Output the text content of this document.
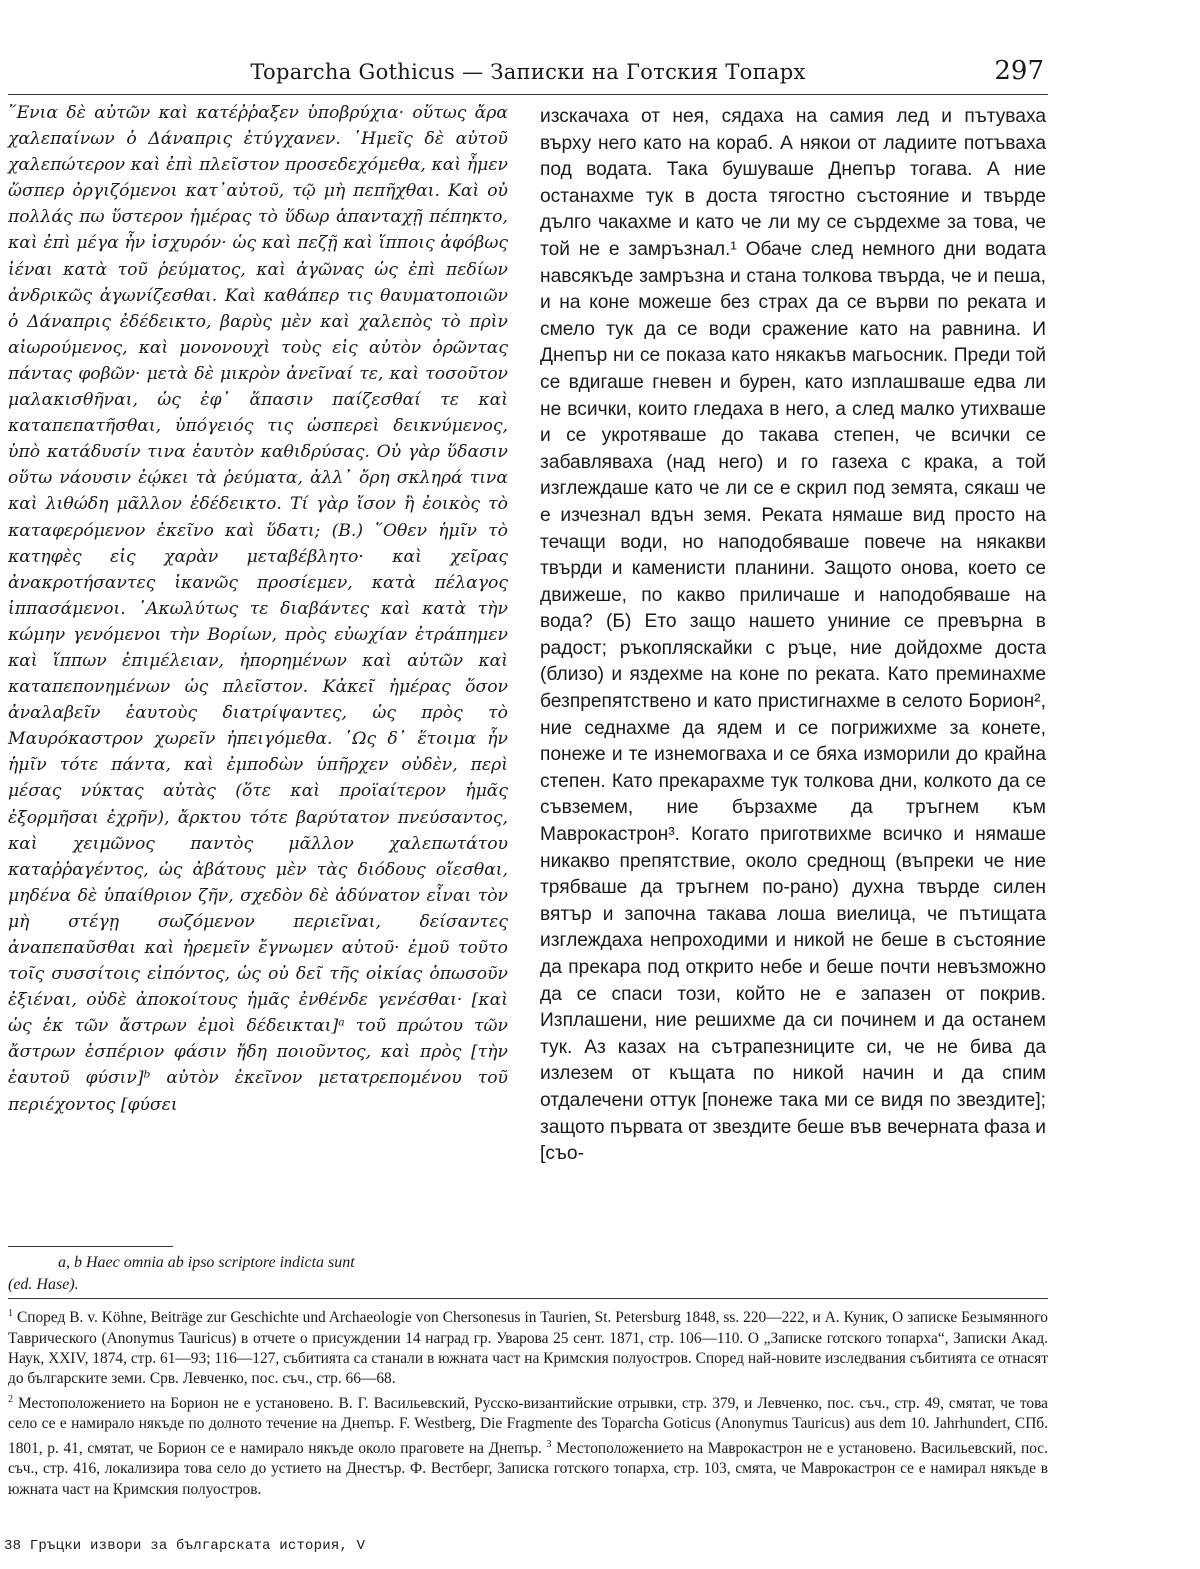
Toparcha Gothicus — Записки на Готския Топарх	297

῞Ενια δὲ αὐτῶν καὶ κατέῤῥαξεν ὑποβρύχια· οὕτως ἄρα χαλεπαίνων ὁ Δάναπρις ἐτύγχανεν. ῾Ημεῖς δὲ αὐτοῦ χαλεπώτερον καὶ ἐπὶ πλεῖστον προσεδεχόμεθα, καὶ ἦμεν ὥσπερ ὀργιζόμενοι κατ᾿αὐτοῦ, τῷ μὴ πεπῆχθαι. Καὶ οὐ πολλάς πω ὕστερον ἡμέρας τὸ ὕδωρ ἁπανταχῇ πέπηκτο, καὶ ἐπὶ μέγα ἦν ἰσχυρόν· ὡς καὶ πεζῇ καὶ ἵπποις ἀφόβως ἰέναι κατὰ τοῦ ῥεύματος, καὶ ἀγῶνας ὡς ἐπὶ πεδίων ἀνδρικῶς ἀγωνίζεσθαι. Καὶ καθάπερ τις θαυματοποιῶν ὁ Δάναπρις ἐδέδεικτο, βαρὺς μὲν καὶ χαλεπὸς τὸ πρὶν αἰωρούμενος, καὶ μονονουχὶ τοὺς εἰς αὐτὸν ὁρῶντας πάντας φοβῶν· μετὰ δὲ μικρὸν ἀνεῖναί τε, καὶ τοσοῦτον μαλακισθῆναι, ὡς ἐφ᾿ ἅπασιν παίζεσθαί τε καὶ καταπεπατῆσθαι, ὑπόγειός τις ὡσπερεὶ δεικνύμενος, ὑπὸ κατάδυσίν τινα ἑαυτὸν καθιδρύσας. Οὐ γὰρ ὕδασιν οὕτω νάουσιν ἐῴκει τὰ ῥεύματα, ἀλλ᾿ ὄρη σκληρά τινα καὶ λιθώδη μᾶλλον ἐδέδεικτο. Τί γὰρ ἴσον ἢ ἐοικὸς τὸ καταφερόμενον ἐκεῖνο καὶ ὕδατι; (B.) ῞Οθεν ἡμῖν τὸ κατηφὲς εἰς χαρὰν μεταβέβλητο· καὶ χεῖρας ἀνακροτήσαντες ἱκανῶς προσίεμεν, κατὰ πέλαγος ἱππασάμενοι. ᾿Ακωλύτως τε διαβάντες καὶ κατὰ τὴν κώμην γενόμενοι τὴν Βορίων, πρὸς εὐωχίαν ἐτράπημεν καὶ ἵππων ἐπιμέλειαν, ἠπορημένων καὶ αὐτῶν καὶ καταπεπονημένων ὡς πλεῖστον. Κἀκεῖ ἡμέρας ὅσον ἀναλαβεῖν ἑαυτοὺς διατρίψαντες, ὡς πρὸς τὸ Μαυρόκαστρον χωρεῖν ἠπειγόμεθα. ῾Ως δ᾿ ἕτοιμα ἦν ἡμῖν τότε πάντα, καὶ ἐμποδὼν ὑπῆρχεν οὐδὲν, περὶ μέσας νύκτας αὐτὰς (ὅτε καὶ προϊαίτερον ἡμᾶς ἐξορμῆσαι ἐχρῆν), ἄρκτου τότε βαρύτατον πνεύσαντος, καὶ χειμῶνος παντὸς μᾶλλον χαλεπωτάτου καταῤῥαγέντος, ὡς ἀβάτους μὲν τὰς διόδους οἴεσθαι, μηδένα δὲ ὑπαίθριον ζῆν, σχεδὸν δὲ ἀδύνατον εἶναι τὸν μὴ στέγῃ σωζόμενον περιεῖναι, δείσαντες ἀναπεπαῦσθαι καὶ ἠρεμεῖν ἔγνωμεν αὐτοῦ· ἐμοῦ τοῦτο τοῖς συσσίτοις εἰπόντος, ὡς οὐ δεῖ τῆς οἰκίας ὁπωσοῦν ἐξιέναι, οὐδὲ ἀποκοίτους ἡμᾶς ἐνθένδε γενέσθαι· [καὶ ὡς ἐκ τῶν ἄστρων ἐμοὶ δέδεικται]ᵃ τοῦ πρώτου τῶν ἄστρων ἑσπέριον φάσιν ἤδη ποιοῦντος, καὶ πρὸς [τὴν ἑαυτοῦ φύσιν]ᵇ αὐτὸν ἐκεῖνον μετατρεπομένου τοῦ περιέχοντος [φύσει

изскачаха от нея, сядаха на самия лед и пътуваха върху него като на кораб. А някои от ладиите потъваха под водата. Така бушуваше Днепър тогава. А ние останахме тук в доста тягостно състояние и твърде дълго чакахме и като че ли му се сърдехме за това, че той не е замръзнал.¹ Обаче след немного дни водата навсякъде замръзна и стана толкова твърда, че и пеша, и на коне можеше без страх да се върви по реката и смело тук да се води сражение като на равнина. И Днепър ни се показа като някакъв магьосник. Преди той се вдигаше гневен и бурен, като изплашваше едва ли не всички, които гледаха в него, а след малко утихваше и се укротяваше до такава степен, че всички се забавляваха (над него) и го газеха с крака, а той изглеждаше като че ли се е скрил под земята, сякаш че е изчезнал вдън земя. Реката нямаше вид просто на течащи води, но наподобяваше повече на някакви твърди и каменисти планини. Защото онова, което се движеше, по какво приличаше и наподобяваше на вода? (Б) Ето защо нашето униние се превърна в радост; ръкопляскайки с ръце, ние дойдохме доста (близо) и яздехме на коне по реката. Като преминахме безпрепятствено и като пристигнахме в селото Борион², ние седнахме да ядем и се погрижихме за конете, понеже и те изнемогваха и се бяха изморили до крайна степен. Като прекарахме тук толкова дни, колкото да се съвземем, ние бързахме да тръгнем към Маврокастрон³. Когато приготвихме всичко и нямаше никакво препятствие, около среднощ (въпреки че ние трябваше да тръгнем по-рано) духна твърде силен вятър и започна такава лоша виелица, че пътищата изглеждаха непроходими и никой не беше в състояние да прекара под открито небе и беше почти невъзможно да се спаси този, който не е запазен от покрив. Изплашени, ние решихме да си починем и да останем тук. Аз казах на сътрапезниците си, че не бива да излезем от къщата по никой начин и да спим отдалечени оттук [понеже така ми се видя по звездите]; защото първата от звездите беше във вечерната фаза и [съо-

a, b Haec omnia ab ipso scriptore indicta sunt
(ed. Hase).

$^1$ Според В. v. Köhne, Beiträge zur Geschichte und Archaeologie von Chersonesus in Taurien, St. Petersburg 1848, ss. 220—222, и А. Куник, О записке Безымянного Таврического (Anonymus Tauricus) в отчете о присуждении 14 наград гр. Уварова 25 сент. 1871, стр. 106—110. О „Записке готского топарха“, Записки Акад. Наук, XXIV, 1874, стр. 61—93; 116—127, събитията са станали в южната част на Кримския полуостров. Според най-новите изследвания събитията се отнасят до българските земи. Срв. Левченко, пос. съч., стр. 66—68.

$^2$ Местоположението на Борион не е установено. В. Г. Васильевский, Русско-византийские отрывки, стр. 379, и Левченко, пос. съч., стр. 49, смятат, че това село се е намирало някъде по долното течение на Днепър. F. Westberg, Die Fragmente des Toparcha Goticus (Anonymus Tauricus) aus dem 10. Jahrhundert, СПб. 1801, p. 41, смятат, че Борион се е намирало някъде около праговете на Днепър. $^3$ Местоположението на Маврокастрон не е установено. Васильевский, пос. съч., стр. 416, локализира това село до устието на Днестър. Ф. Вестберг, Записка готского топарха, стр. 103, смята, че Маврокастрон се е намирал някъде в южната част на Кримския полуостров.

38 Гръцки извори за българската история, V
